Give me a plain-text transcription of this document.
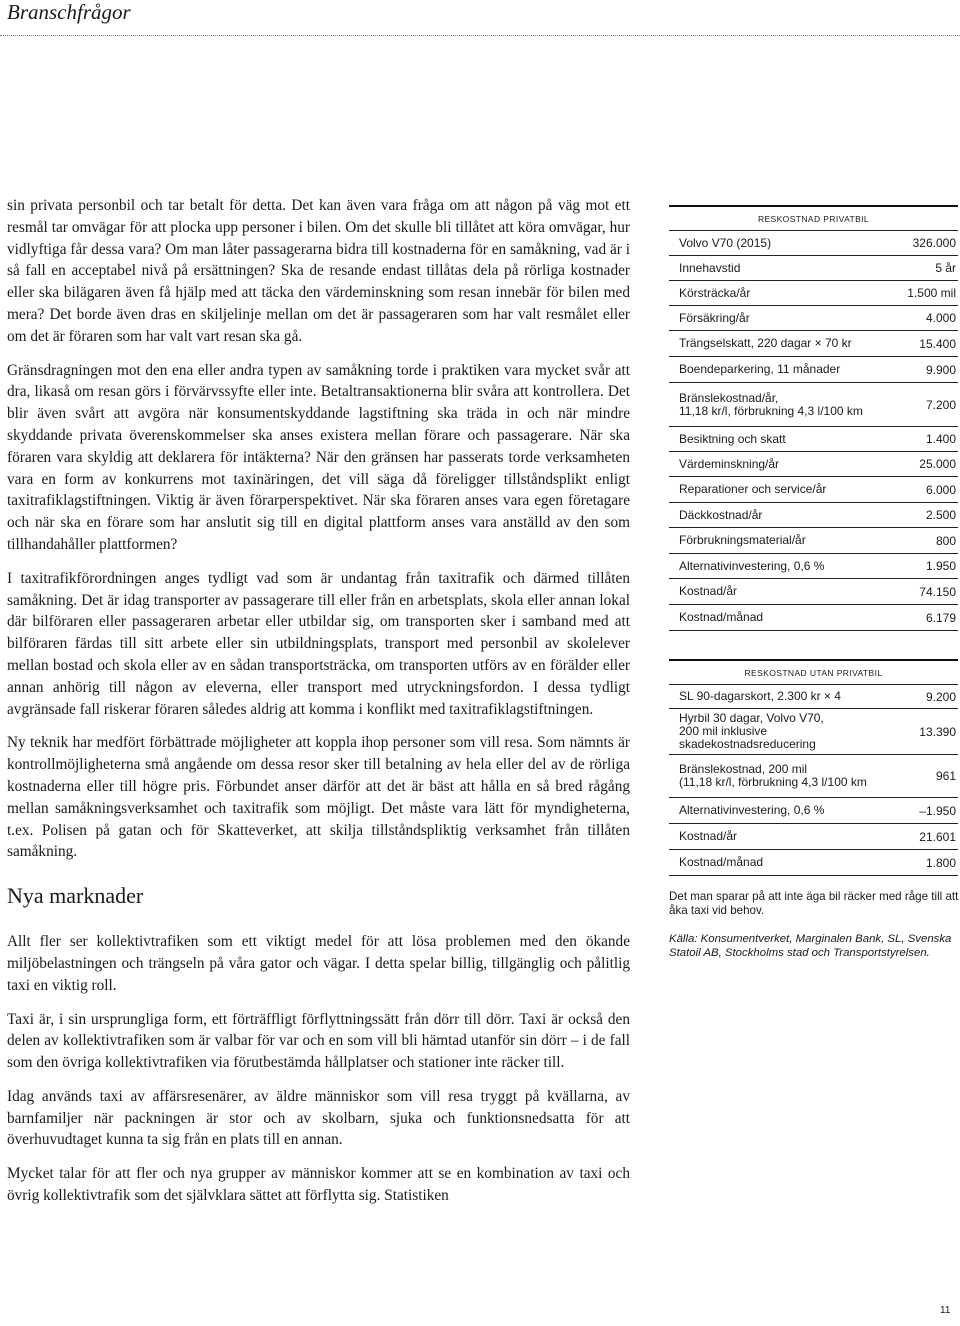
Branschfrågor

sin privata personbil och tar betalt för detta. Det kan även vara fråga om att någon på väg mot ett resmål tar omvägar för att plocka upp personer i bilen. Om det skulle bli tillåtet att köra omvägar, hur vidlyftiga får dessa vara? Om man låter passagerarna bidra till kostnaderna för en samåkning, vad är i så fall en acceptabel nivå på ersättningen? Ska de resande endast tillåtas dela på rörliga kostnader eller ska bilägaren även få hjälp med att täcka den värdeminskning som resan innebär för bilen med mera? Det borde även dras en skiljelinje mellan om det är passageraren som har valt resmålet eller om det är föraren som har valt vart resan ska gå.

Gränsdragningen mot den ena eller andra typen av samåkning torde i praktiken vara mycket svår att dra, likaså om resan görs i förvärvssyfte eller inte. Betaltransaktionerna blir svåra att kontrollera. Det blir även svårt att avgöra när konsumentskyddande lagstiftning ska träda in och när mindre skyddande privata överenskommelser ska anses existera mellan förare och passagerare. När ska föraren vara skyldig att deklarera för intäkterna? När den gränsen har passerats torde verksamheten vara en form av konkurrens mot taxinäringen, det vill säga då föreligger tillståndsplikt enligt taxitrafiklagstiftningen. Viktig är även förarperspektivet. När ska föraren anses vara egen företagare och när ska en förare som har anslutit sig till en digital plattform anses vara anställd av den som tillhandahåller plattformen?

I taxitrafikförordningen anges tydligt vad som är undantag från taxitrafik och därmed tillåten samåkning. Det är idag transporter av passagerare till eller från en arbetsplats, skola eller annan lokal där bilföraren eller passageraren arbetar eller utbildar sig, om transporten sker i samband med att bilföraren färdas till sitt arbete eller sin utbildningsplats, transport med personbil av skolelever mellan bostad och skola eller av en sådan transportsträcka, om transporten utförs av en förälder eller annan anhörig till någon av eleverna, eller transport med utryckningsfordon. I dessa tydligt avgränsade fall riskerar föraren således aldrig att komma i konflikt med taxitrafiklagstiftningen.

Ny teknik har medfört förbättrade möjligheter att koppla ihop personer som vill resa. Som nämnts är kontrollmöjligheterna små angående om dessa resor sker till betalning av hela eller del av de rörliga kostnaderna eller till högre pris. Förbundet anser därför att det är bäst att hålla en så bred rågång mellan samåkningsverksamhet och taxitrafik som möjligt. Det måste vara lätt för myndigheterna, t.ex. Polisen på gatan och för Skatteverket, att skilja tillståndspliktig verksamhet från tillåten samåkning.

Nya marknader

Allt fler ser kollektivtrafiken som ett viktigt medel för att lösa problemen med den ökande miljöbelastningen och trängseln på våra gator och vägar. I detta spelar billig, tillgänglig och pålitlig taxi en viktig roll.

Taxi är, i sin ursprungliga form, ett förträffligt förflyttningssätt från dörr till dörr. Taxi är också den delen av kollektivtrafiken som är valbar för var och en som vill bli hämtad utanför sin dörr – i de fall som den övriga kollektivtrafiken via förutbestämda hållplatser och stationer inte räcker till.

Idag används taxi av affärsresenärer, av äldre människor som vill resa tryggt på kvällarna, av barnfamiljer när packningen är stor och av skolbarn, sjuka och funktionsnedsatta för att överhuvudtaget kunna ta sig från en plats till en annan.

Mycket talar för att fler och nya grupper av människor kommer att se en kombination av taxi och övrig kollektivtrafik som det självklara sättet att förflytta sig. Statistiken

RESKOSTNAD PRIVATBIL
Volvo V70 (2015)	326.000
Innehavstid	5 år
Körsträcka/år	1.500 mil
Försäkring/år	4.000
Trängselskatt, 220 dagar × 70 kr	15.400
Boendeparkering, 11 månader	9.900
Bränslekostnad/år,
11,18 kr/l, förbrukning 4,3 l/100 km	7.200
Besiktning och skatt	1.400
Värdeminskning/år	25.000
Reparationer och service/år	6.000
Däckkostnad/år	2.500
Förbrukningsmaterial/år	800
Alternativinvestering, 0,6 %	1.950
Kostnad/år	74.150
Kostnad/månad	6.179
RESKOSTNAD UTAN PRIVATBIL
SL 90-dagarskort, 2.300 kr × 4	9.200
Hyrbil 30 dagar, Volvo V70,
200 mil inklusive
skadekostnadsreducering
13.390
Bränslekostnad, 200 mil
(11,18 kr/l, förbrukning 4,3 l/100 km	961
Alternativinvestering, 0,6 %	–1.950
Kostnad/år	21.601
Kostnad/månad	1.800
Det man sparar på att inte äga bil räcker med råge till att åka taxi vid behov.
Källa: Konsumentverket, Marginalen Bank, SL, Svenska Statoil AB, Stockholms stad och Transportstyrelsen.
11
